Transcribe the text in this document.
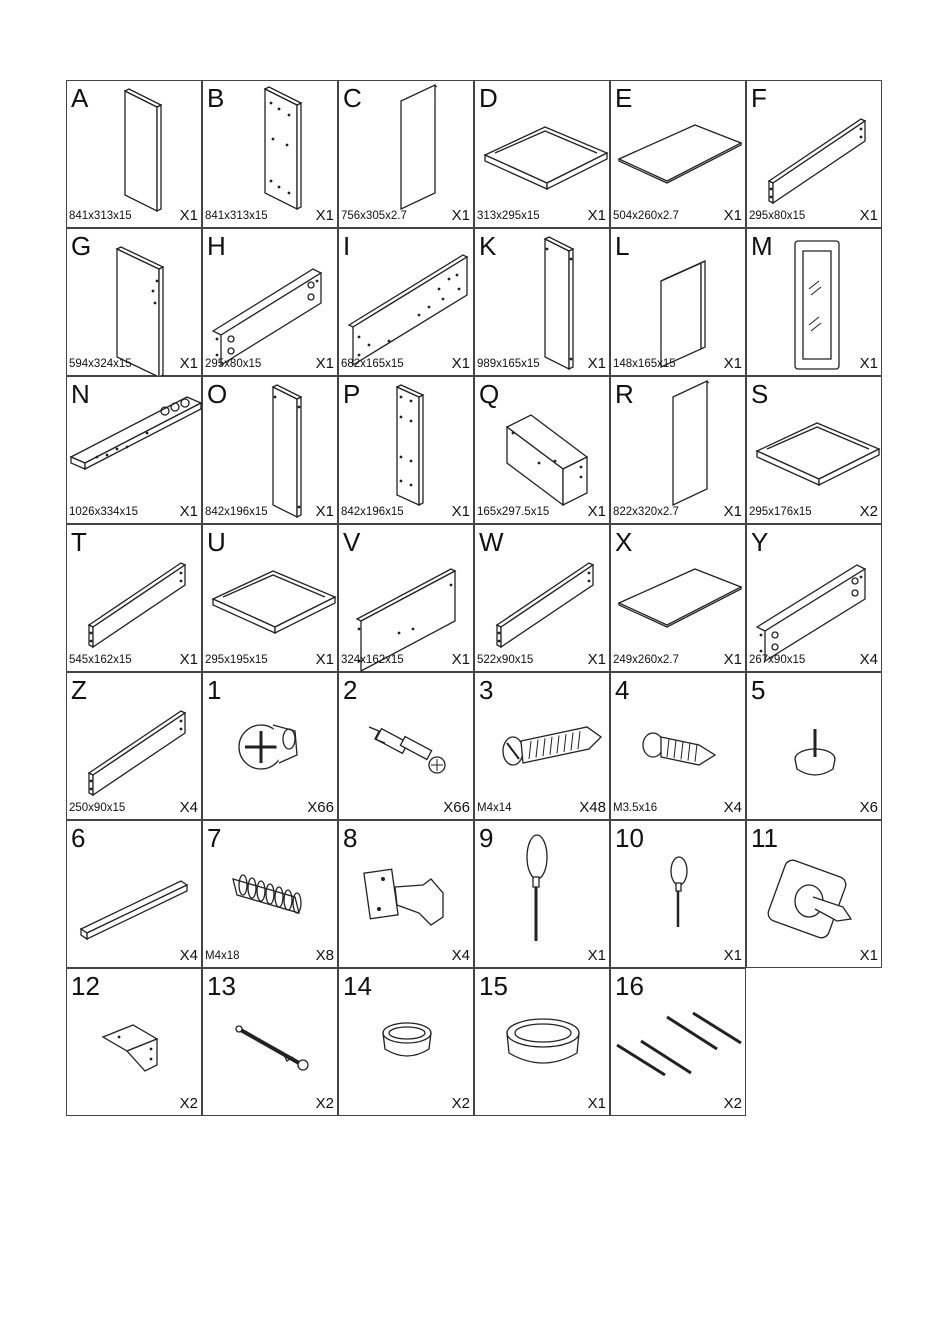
A
841x313x15	X1
B
841x313x15	X1
C
756x305x2.7	X1
D
313x295x15	X1
E
504x260x2.7	X1
F
295x80x15	X1
G
594x324x15	X1
H
295x80x15	X1
I
682x165x15	X1
K
989x165x15	X1
L
148x165x15	X1
M
X1
N
1026x334x15	X1
O
842x196x15	X1
P
842x196x15	X1
Q
165x297.5x15	X1
R
822x320x2.7	X1
S
295x176x15	X2
T
545x162x15	X1
U
295x195x15	X1
V
324x162x15	X1
W
522x90x15	X1
X
249x260x2.7	X1
Y
267x90x15	X4
Z
250x90x15	X4
1
X66
2
X66
3
M4x14	X48
4
M3.5x16	X4
5
X6
6
X4
7
M4x18	X8
8
X4
9
X1
10
X1
11
X1
12
X2
13
X2
14
X2
15
X1
16
X2
